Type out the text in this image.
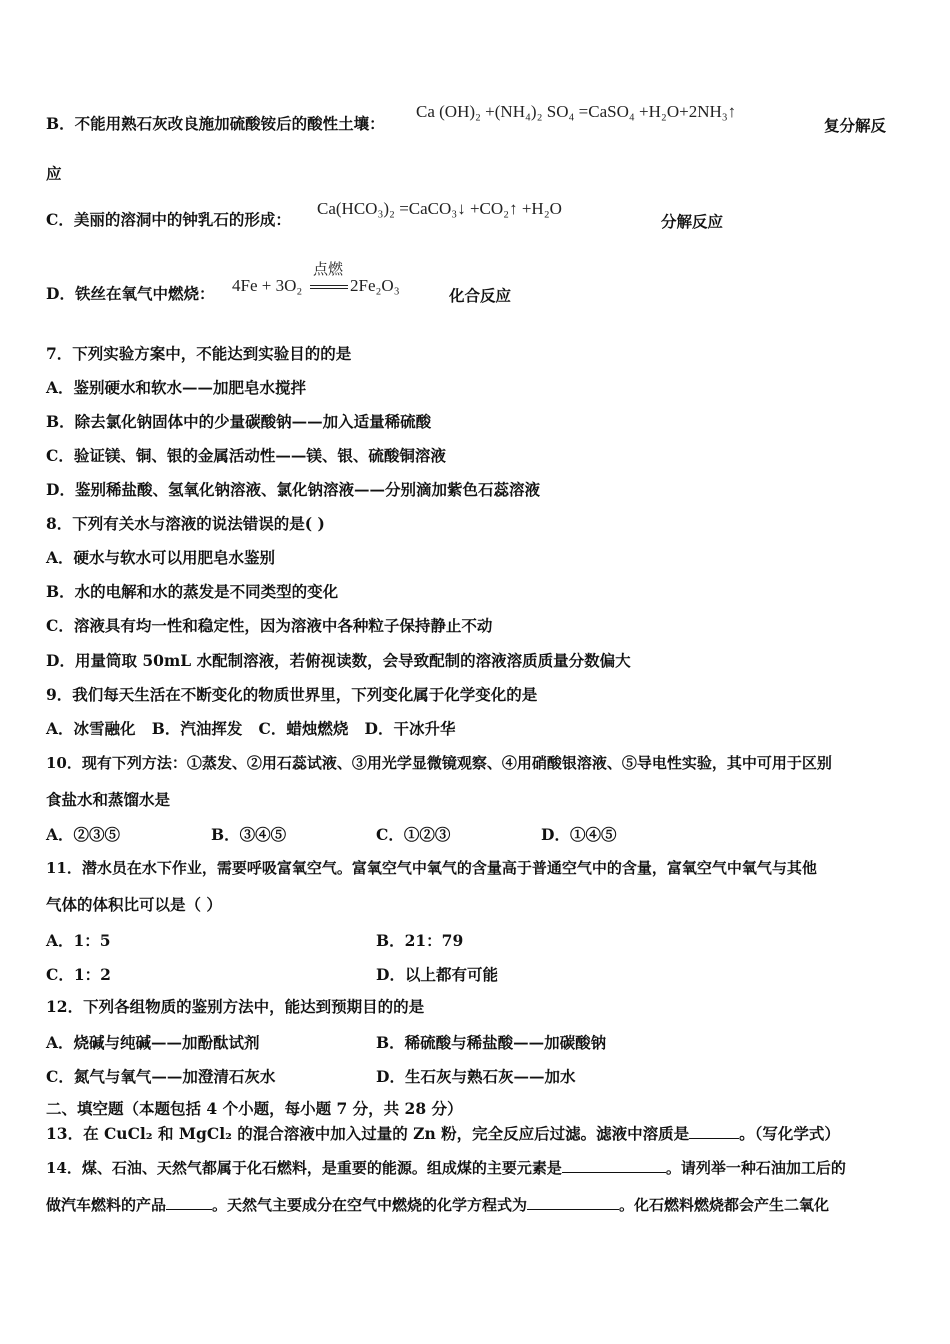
B．不能用熟石灰改良施加硫酸铵后的酸性土壤：
Ca (OH)₂ +(NH₄)₂ SO₄ =CaSO₄ +H₂O+2NH₃↑
复分解反
应
C．美丽的溶洞中的钟乳石的形成：
Ca(HCO₃)₂ =CaCO₃↓ +CO₂↑ +H₂O
分解反应
D．铁丝在氧气中燃烧： 4Fe + 3O₂
点燃
2Fe₂O₃
化合反应
7．下列实验方案中，不能达到实验目的的是
A．鉴别硬水和软水——加肥皂水搅拌
B．除去氯化钠固体中的少量碳酸钠——加入适量稀硫酸
C．验证镁、铜、银的金属活动性——镁、银、硫酸铜溶液
D．鉴别稀盐酸、氢氧化钠溶液、氯化钠溶液——分别滴加紫色石蕊溶液
8．下列有关水与溶液的说法错误的是( )
A．硬水与软水可以用肥皂水鉴别
B．水的电解和水的蒸发是不同类型的变化
C．溶液具有均一性和稳定性，因为溶液中各种粒子保持静止不动
D．用量筒取 50mL 水配制溶液，若俯视读数，会导致配制的溶液溶质质量分数偏大
9．我们每天生活在不断变化的物质世界里，下列变化属于化学变化的是
A．冰雪融化   B．汽油挥发   C．蜡烛燃烧   D．干冰升华
10．现有下列方法：①蒸发、②用石蕊试液、③用光学显微镜观察、④用硝酸银溶液、⑤导电性实验，其中可用于区别
食盐水和蒸馏水是
A．②③⑤	B．③④⑤	C．①②③	D．①④⑤
11．潜水员在水下作业，需要呼吸富氧空气。富氧空气中氧气的含量高于普通空气中的含量，富氧空气中氧气与其他
气体的体积比可以是（ ）
A．1：5	B．21：79
C．1：2	D．以上都有可能
12．下列各组物质的鉴别方法中，能达到预期目的的是
A．烧碱与纯碱——加酚酞试剂	B．稀硫酸与稀盐酸——加碳酸钠
C．氮气与氧气——加澄清石灰水	D．生石灰与熟石灰——加水
二、填空题（本题包括 4 个小题，每小题 7 分，共 28 分）
13．在 CuCl₂ 和 MgCl₂ 的混合溶液中加入过量的 Zn 粉，完全反应后过滤。滤液中溶质是	。（写化学式）
14．煤、石油、天然气都属于化石燃料，是重要的能源。组成煤的主要元素是	。请列举一种石油加工后的
做汽车燃料的产品	。天然气主要成分在空气中燃烧的化学方程式为	。化石燃料燃烧都会产生二氧化
